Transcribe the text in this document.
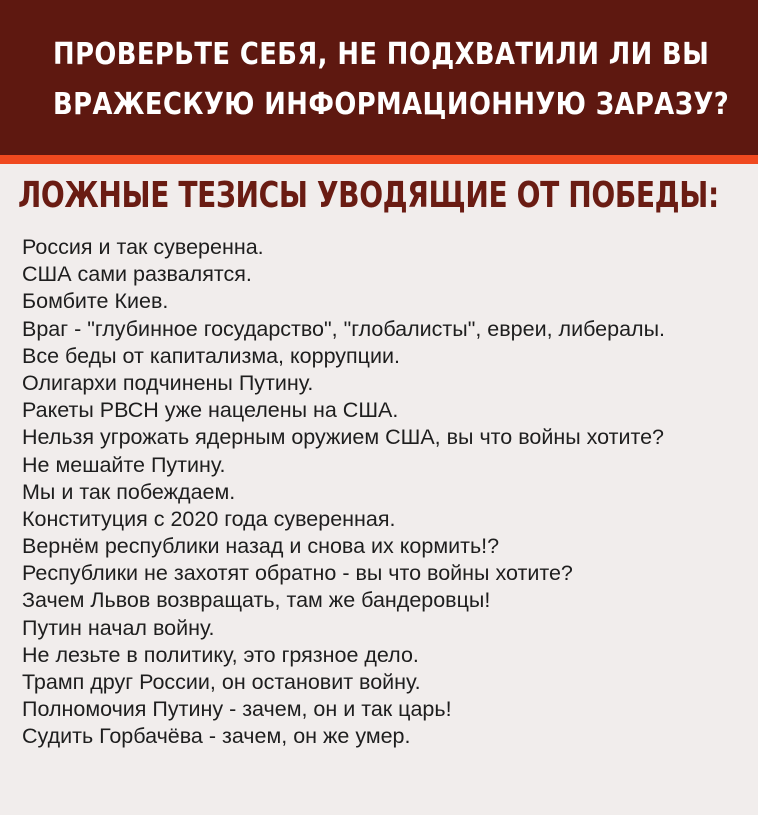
ПРОВЕРЬТЕ СЕБЯ, НЕ ПОДХВАТИЛИ ЛИ ВЫ
ВРАЖЕСКУЮ ИНФОРМАЦИОННУЮ ЗАРАЗУ?
ЛОЖНЫЕ ТЕЗИСЫ УВОДЯЩИЕ ОТ ПОБЕДЫ:
Россия и так суверенна.
США сами развалятся.
Бомбите Киев.
Враг - "глубинное государство", "глобалисты", евреи, либералы.
Все беды от капитализма, коррупции.
Олигархи подчинены Путину.
Ракеты РВСН уже нацелены на США.
Нельзя угрожать ядерным оружием США, вы что войны хотите?
Не мешайте Путину.
Мы и так побеждаем.
Конституция с 2020 года суверенная.
Вернём республики назад и снова их кормить!?
Республики не захотят обратно - вы что войны хотите?
Зачем Львов возвращать, там же бандеровцы!
Путин начал войну.
Не лезьте в политику, это грязное дело.
Трамп друг России, он остановит войну.
Полномочия Путину - зачем, он и так царь!
Судить Горбачёва - зачем, он же умер.
